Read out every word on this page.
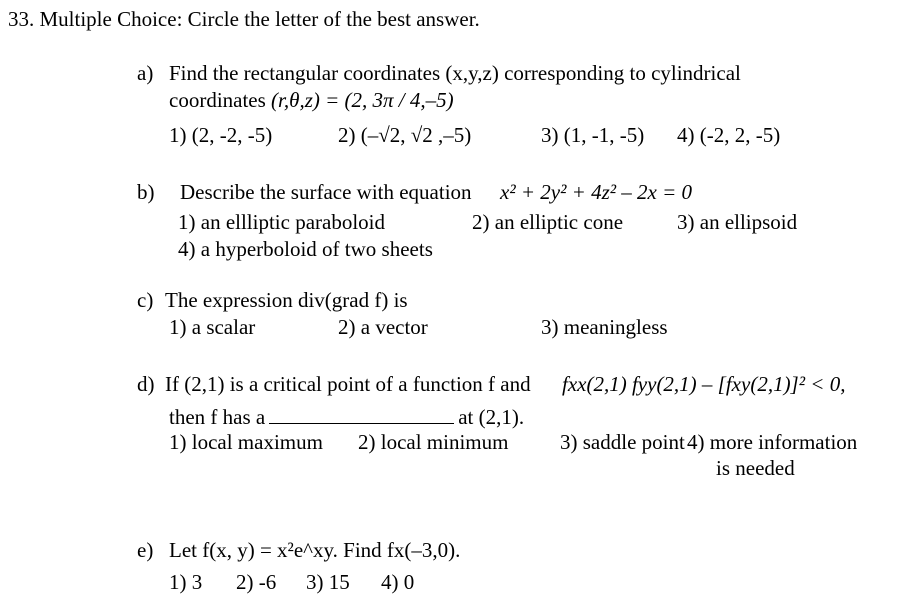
33. Multiple Choice: Circle the letter of the best answer.
a) Find the rectangular coordinates (x,y,z) corresponding to cylindrical
coordinates (r,θ,z) = (2, 3π / 4,–5)
1) (2, -2, -5)	2) (–√2, √2 ,–5)	3) (1, -1, -5) 4) (-2, 2, -5)
b) Describe the surface with equation x² + 2y² + 4z² – 2x = 0
1) an ellliptic paraboloid	2) an elliptic cone	3) an ellipsoid
4) a hyperboloid of two sheets
c) The expression div(grad f) is
1) a scalar	2) a vector	3) meaningless
d) If (2,1) is a critical point of a function f and fxx(2,1) fyy(2,1) – [fxy(2,1)]² < 0,
then f has a	at (2,1).
1) local maximum 2) local minimum 3) saddle point 4) more information
is needed
e) Let f(x, y) = x²e^xy. Find fx(–3,0).
1) 3 2) -6 3) 15 4) 0
